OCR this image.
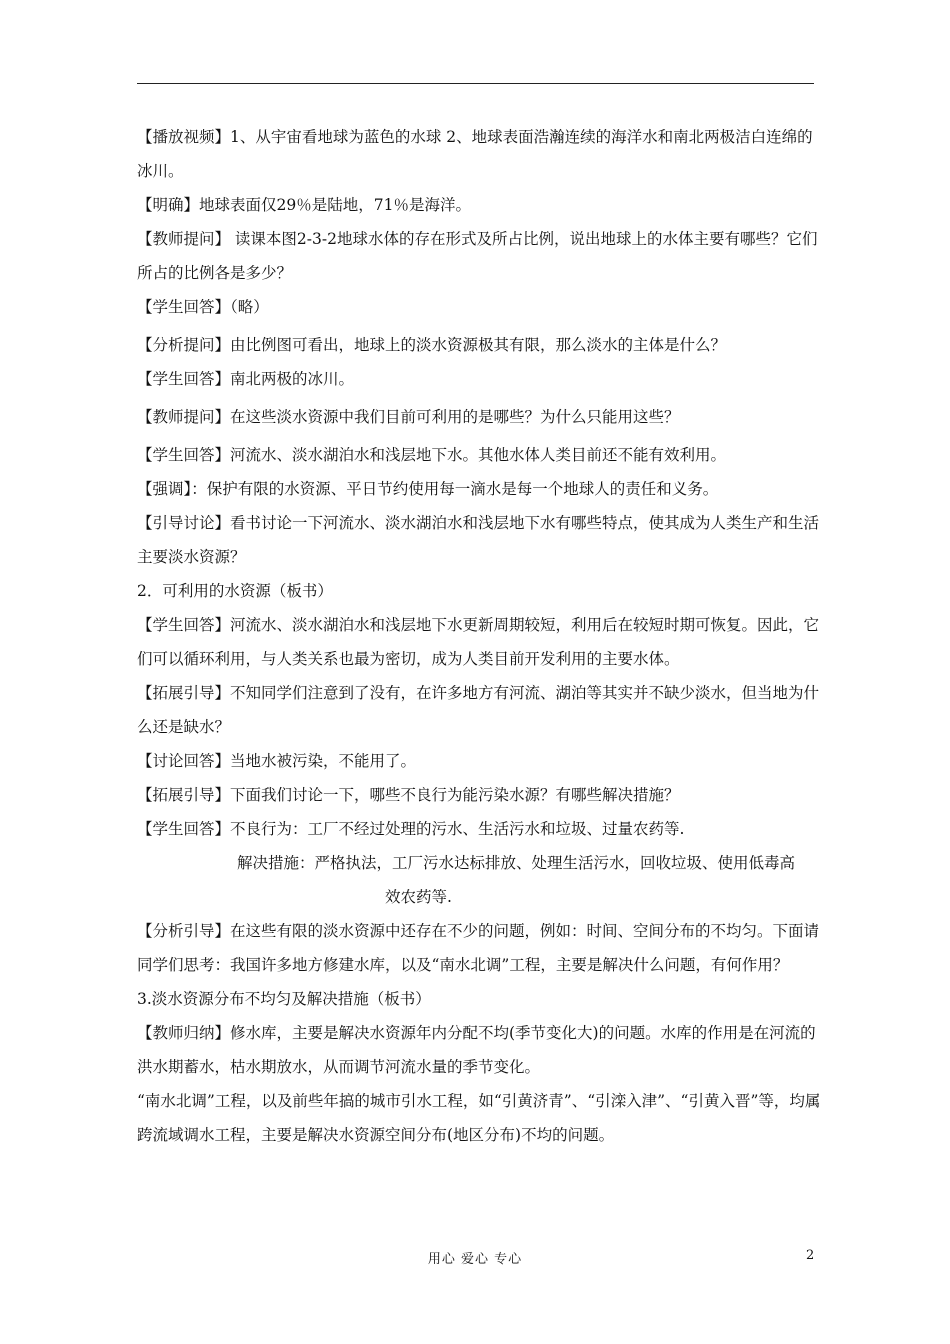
【播放视频】1、从宇宙看地球为蓝色的水球 2、地球表面浩瀚连续的海洋水和南北两极洁白连绵的冰川。

【明确】地球表面仅29％是陆地，71％是海洋。

【教师提问】 读课本图2-3-2地球水体的存在形式及所占比例，说出地球上的水体主要有哪些？它们所占的比例各是多少？

【学生回答】（略）

【分析提问】由比例图可看出，地球上的淡水资源极其有限，那么淡水的主体是什么？

【学生回答】南北两极的冰川。

【教师提问】在这些淡水资源中我们目前可利用的是哪些？为什么只能用这些？

【学生回答】河流水、淡水湖泊水和浅层地下水。其他水体人类目前还不能有效利用。

【强调】：保护有限的水资源、平日节约使用每一滴水是每一个地球人的责任和义务。

【引导讨论】看书讨论一下河流水、淡水湖泊水和浅层地下水有哪些特点，使其成为人类生产和生活主要淡水资源？

2．可利用的水资源（板书）

【学生回答】河流水、淡水湖泊水和浅层地下水更新周期较短，利用后在较短时期可恢复。因此，它们可以循环利用，与人类关系也最为密切，成为人类目前开发利用的主要水体。

【拓展引导】不知同学们注意到了没有，在许多地方有河流、湖泊等其实并不缺少淡水，但当地为什么还是缺水？

【讨论回答】当地水被污染，不能用了。

【拓展引导】下面我们讨论一下，哪些不良行为能污染水源？有哪些解决措施？

【学生回答】不良行为：工厂不经过处理的污水、生活污水和垃圾、过量农药等.

解决措施：严格执法，工厂污水达标排放、处理生活污水，回收垃圾、使用低毒高

效农药等.

【分析引导】在这些有限的淡水资源中还存在不少的问题，例如：时间、空间分布的不均匀。下面请同学们思考：我国许多地方修建水库，以及“南水北调”工程，主要是解决什么问题，有何作用？

3.淡水资源分布不均匀及解决措施（板书）

【教师归纳】修水库，主要是解决水资源年内分配不均(季节变化大)的问题。水库的作用是在河流的洪水期蓄水，枯水期放水，从而调节河流水量的季节变化。

“南水北调”工程，以及前些年搞的城市引水工程，如“引黄济青”、“引滦入津”、“引黄入晋”等，均属跨流域调水工程，主要是解决水资源空间分布(地区分布)不均的问题。

用心 爱心 专心	2
